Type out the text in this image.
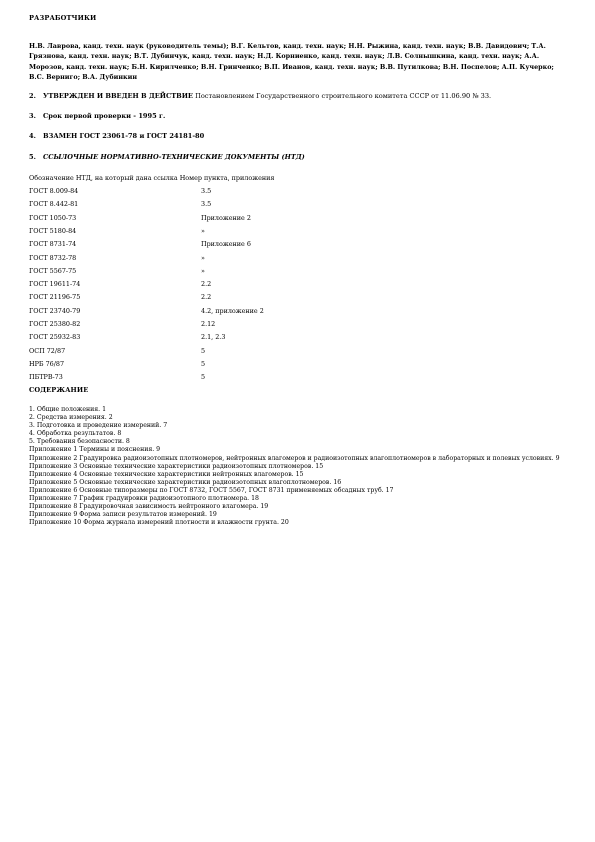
РАЗРАБОТЧИКИ
Н.В. Лаврова, канд. техн. наук (руководитель темы); В.Г. Кельтов, канд. техн. наук; Н.Н. Рыжина, канд. техн. наук; В.В. Давидович; Т.А. Грязнова, канд. техн. наук; В.Т. Дубинчук, канд. техн. наук; Н.Д. Корниенко, канд. техн. наук; Л.В. Солнышкина, канд. техн. наук; А.А. Морозов, канд. техн. наук; Б.Н. Кирилченко; В.Н. Гринченко; В.П. Иванов, канд. техн. наук; В.В. Путилкова; В.Н. Поспелов; А.П. Кучерко; В.С. Верниго; В.А. Дубинкин
2. УТВЕРЖДЕН И ВВЕДЕН В ДЕЙСТВИЕ Постановлением Государственного строительного комитета СССР от 11.06.90 № 33.
3. Срок первой проверки - 1995 г.
4. ВЗАМЕН ГОСТ 23061-78 и ГОСТ 24181-80
5. ССЫЛОЧНЫЕ НОРМАТИВНО-ТЕХНИЧЕСКИЕ ДОКУМЕНТЫ (НТД)
Обозначение НТД, на который дана ссылка Номер пункта, приложения
ГОСТ 8.009-84	3.5
ГОСТ 8.442-81	3.5
ГОСТ 1050-73	Приложение 2
ГОСТ 5180-84	»
ГОСТ 8731-74	Приложение 6
ГОСТ 8732-78	»
ГОСТ 5567-75	»
ГОСТ 19611-74	2.2
ГОСТ 21196-75	2.2
ГОСТ 23740-79	4.2, приложение 2
ГОСТ 25380-82	2.12
ГОСТ 25932-83	2.1, 2.3
ОСП 72/87	5
НРБ 76/87	5
ПБТРВ-73	5
СОДЕРЖАНИЕ
1. Общие положения. 1
2. Средства измерения. 2
3. Подготовка и проведение измерений. 7
4. Обработка результатов. 8
5. Требования безопасности. 8
Приложение 1 Термины и пояснения. 9
Приложение 2 Градуировка радиоизотопных плотномеров, нейтронных влагомеров и радиоизотопных влагоплотномеров в лабораторных и полевых условиях. 9
Приложение 3 Основные технические характеристики радиоизотопных плотномеров. 15
Приложение 4 Основные технические характеристики нейтронных влагомеров. 15
Приложение 5 Основные технические характеристики радиоизотопных влагоплотномеров. 16
Приложение 6 Основные типоразмеры по ГОСТ 8732, ГОСТ 5567, ГОСТ 8731 применяемых обсадных труб. 17
Приложение 7 График градуировки радиоизотопного плотномера. 18
Приложение 8 Градуировочная зависимость нейтронного влагомера. 19
Приложение 9 Форма записи результатов измерений. 19
Приложение 10 Форма журнала измерений плотности и влажности грунта. 20
